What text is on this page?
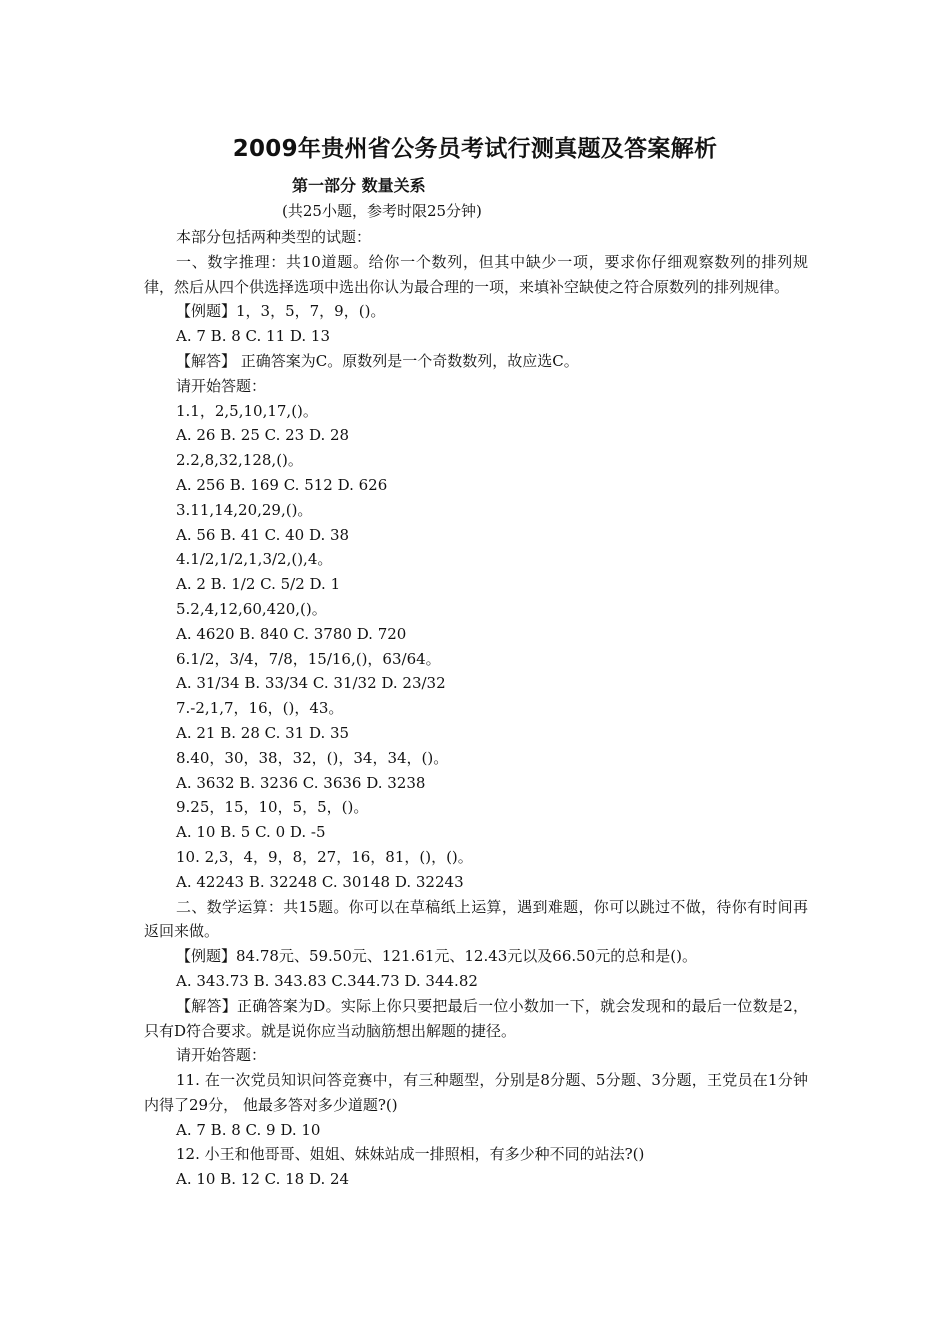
2009年贵州省公务员考试行测真题及答案解析
第一部分 数量关系

(共25小题，参考时限25分钟)

本部分包括两种类型的试题：

一、数字推理：共10道题。给你一个数列，但其中缺少一项，要求你仔细观察数列的排列规律，然后从四个供选择选项中选出你认为最合理的一项，来填补空缺使之符合原数列的排列规律。

【例题】1，3，5，7，9，()。

A. 7 B. 8 C. 11 D. 13

【解答】 正确答案为C。原数列是一个奇数数列，故应选C。

请开始答题：

1.1，2,5,10,17,()。

A. 26 B. 25 C. 23 D. 28

2.2,8,32,128,()。

A. 256 B. 169 C. 512 D. 626

3.11,14,20,29,()。

A. 56 B. 41 C. 40 D. 38

4.1/2,1/2,1,3/2,(),4。

A. 2 B. 1/2 C. 5/2 D. 1

5.2,4,12,60,420,()。

A. 4620 B. 840 C. 3780 D. 720

6.1/2，3/4，7/8，15/16,()，63/64。

A. 31/34 B. 33/34 C. 31/32 D. 23/32

7.-2,1,7，16，()，43。

A. 21 B. 28 C. 31 D. 35

8.40，30，38，32，()，34，34，()。

A. 3632 B. 3236 C. 3636 D. 3238

9.25，15，10，5，5，()。

A. 10 B. 5 C. 0 D. -5

10. 2,3，4，9，8，27，16，81，()，()。

A. 42243 B. 32248 C. 30148 D. 32243

二、数学运算：共15题。你可以在草稿纸上运算，遇到难题，你可以跳过不做，待你有时间再返回来做。

【例题】84.78元、59.50元、121.61元、12.43元以及66.50元的总和是()。

A. 343.73 B. 343.83 C.344.73 D. 344.82

【解答】正确答案为D。实际上你只要把最后一位小数加一下，就会发现和的最后一位数是2，只有D符合要求。就是说你应当动脑筋想出解题的捷径。

请开始答题：

11. 在一次党员知识问答竞赛中，有三种题型，分别是8分题、5分题、3分题，王党员在1分钟内得了29分， 他最多答对多少道题?()

A. 7 B. 8 C. 9 D. 10

12. 小王和他哥哥、姐姐、妹妹站成一排照相，有多少种不同的站法?()

A. 10 B. 12 C. 18 D. 24
